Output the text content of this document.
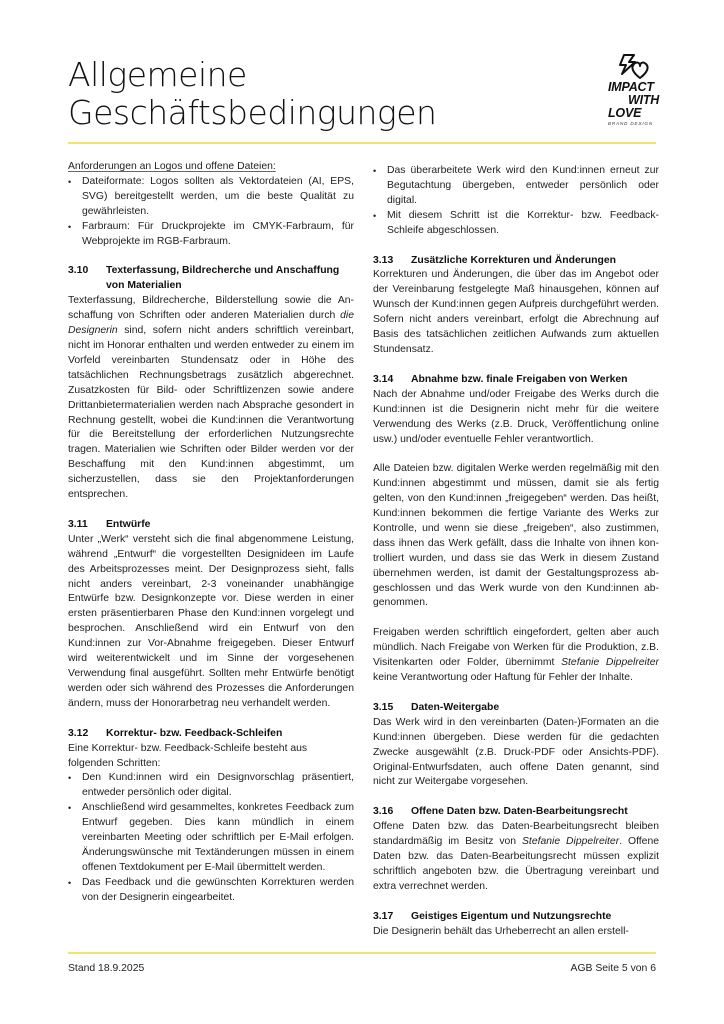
Allgemeine
Geschäftsbedingungen
IMPACT
WITH
LOVE
BRAND DESIGN

Anforderungen an Logos und offene Dateien:

• Dateiformate: Logos sollten als Vektordateien (AI, EPS, SVG) bereitgestellt werden, um die beste Qualität zu gewährleisten.
• Farbraum: Für Druckprojekte im CMYK-Farbraum, für Webprojekte im RGB-Farbraum.
3.10	Texterfassung, Bildrecherche und Anschaffung von Materialien

Texterfassung, Bildrecherche, Bilderstellung sowie die Anschaffung von Schriften oder anderen Materialien durch die Designerin sind, sofern nicht anders schriftlich vereinbart, nicht im Honorar enthalten und werden entweder zu einem im Vorfeld vereinbarten Stundensatz oder in Höhe des tatsächlichen Rechnungsbetrags zusätzlich abgerechnet. Zusatzkosten für Bild- oder Schriftlizenzen sowie andere Drittanbietermaterialien werden nach Absprache gesondert in Rechnung gestellt, wobei die Kund:innen die Verantwortung für die Bereitstellung der erforderlichen Nutzungsrechte tragen. Materialien wie Schriften oder Bilder werden vor der Beschaffung mit den Kund:innen abgestimmt, um sicherzustellen, dass sie den Projektanforderungen entsprechen.

3.11	Entwürfe

Unter „Werk“ versteht sich die final abgenommene Leistung, während „Entwurf“ die vorgestellten Designideen im Laufe des Arbeitsprozesses meint. Der Designprozess sieht, falls nicht anders vereinbart, 2-3 voneinander unabhängige Entwürfe bzw. Designkonzepte vor. Diese werden in einer ersten präsentierbaren Phase den Kund:innen vorgelegt und besprochen. Anschließend wird ein Entwurf von den Kund:innen zur Vor-Abnahme freigegeben. Dieser Entwurf wird weiterentwickelt und im Sinne der vorgesehenen Verwendung final ausgeführt. Sollten mehr Entwürfe benötigt werden oder sich während des Prozesses die Anforderungen ändern, muss der Honorarbetrag neu verhandelt werden.

3.12	Korrektur- bzw. Feedback-Schleifen

Eine Korrektur- bzw. Feedback-Schleife besteht aus folgenden Schritten:

• Den Kund:innen wird ein Designvorschlag präsentiert, entweder persönlich oder digital.
• Anschließend wird gesammeltes, konkretes Feedback zum Entwurf gegeben. Dies kann mündlich in einem vereinbarten Meeting oder schriftlich per E-Mail erfolgen. Änderungswünsche mit Textänderungen müssen in einem offenen Textdokument per E-Mail übermittelt werden.
• Das Feedback und die gewünschten Korrekturen werden von der Designerin eingearbeitet.
• Das überarbeitete Werk wird den Kund:innen erneut zur Begutachtung übergeben, entweder persönlich oder digital.
• Mit diesem Schritt ist die Korrektur- bzw. Feedback-Schleife abgeschlossen.
3.13	Zusätzliche Korrekturen und Änderungen

Korrekturen und Änderungen, die über das im Angebot oder der Vereinbarung festgelegte Maß hinausgehen, können auf Wunsch der Kund:innen gegen Aufpreis durchgeführt werden. Sofern nicht anders vereinbart, erfolgt die Abrechnung auf Basis des tatsächlichen zeitlichen Aufwands zum aktuellen Stundensatz.

3.14	Abnahme bzw. finale Freigaben von Werken

Nach der Abnahme und/oder Freigabe des Werks durch die Kund:innen ist die Designerin nicht mehr für die weitere Verwendung des Werks (z.B. Druck, Veröffentlichung online usw.) und/oder eventuelle Fehler verantwortlich.

Alle Dateien bzw. digitalen Werke werden regelmäßig mit den Kund:innen abgestimmt und müssen, damit sie als fertig gelten, von den Kund:innen „freigegeben“ werden. Das heißt, Kund:innen bekommen die fertige Variante des Werks zur Kontrolle, und wenn sie diese „freigeben“, also zustimmen, dass ihnen das Werk gefällt, dass die Inhalte von ihnen kontrolliert wurden, und dass sie das Werk in diesem Zustand übernehmen werden, ist damit der Gestaltungsprozess abgeschlossen und das Werk wurde von den Kund:innen abgenommen.

Freigaben werden schriftlich eingefordert, gelten aber auch mündlich. Nach Freigabe von Werken für die Produktion, z.B. Visitenkarten oder Folder, übernimmt Stefanie Dippelreiter keine Verantwortung oder Haftung für Fehler der Inhalte.

3.15	Daten-Weitergabe

Das Werk wird in den vereinbarten (Daten-)Formaten an die Kund:innen übergeben. Diese werden für die gedachten Zwecke ausgewählt (z.B. Druck-PDF oder Ansichts-PDF). Original-Entwurfsdaten, auch offene Daten genannt, sind nicht zur Weitergabe vorgesehen.

3.16	Offene Daten bzw. Daten-Bearbeitungsrecht

Offene Daten bzw. das Daten-Bearbeitungsrecht bleiben standardmäßig im Besitz von Stefanie Dippelreiter. Offene Daten bzw. das Daten-Bearbeitungsrecht müssen explizit schriftlich angeboten bzw. die Übertragung vereinbart und extra verrechnet werden.

3.17	Geistiges Eigentum und Nutzungsrechte

Die Designerin behält das Urheberrecht an allen erstell-

Stand 18.9.2025	AGB Seite 5 von 6
